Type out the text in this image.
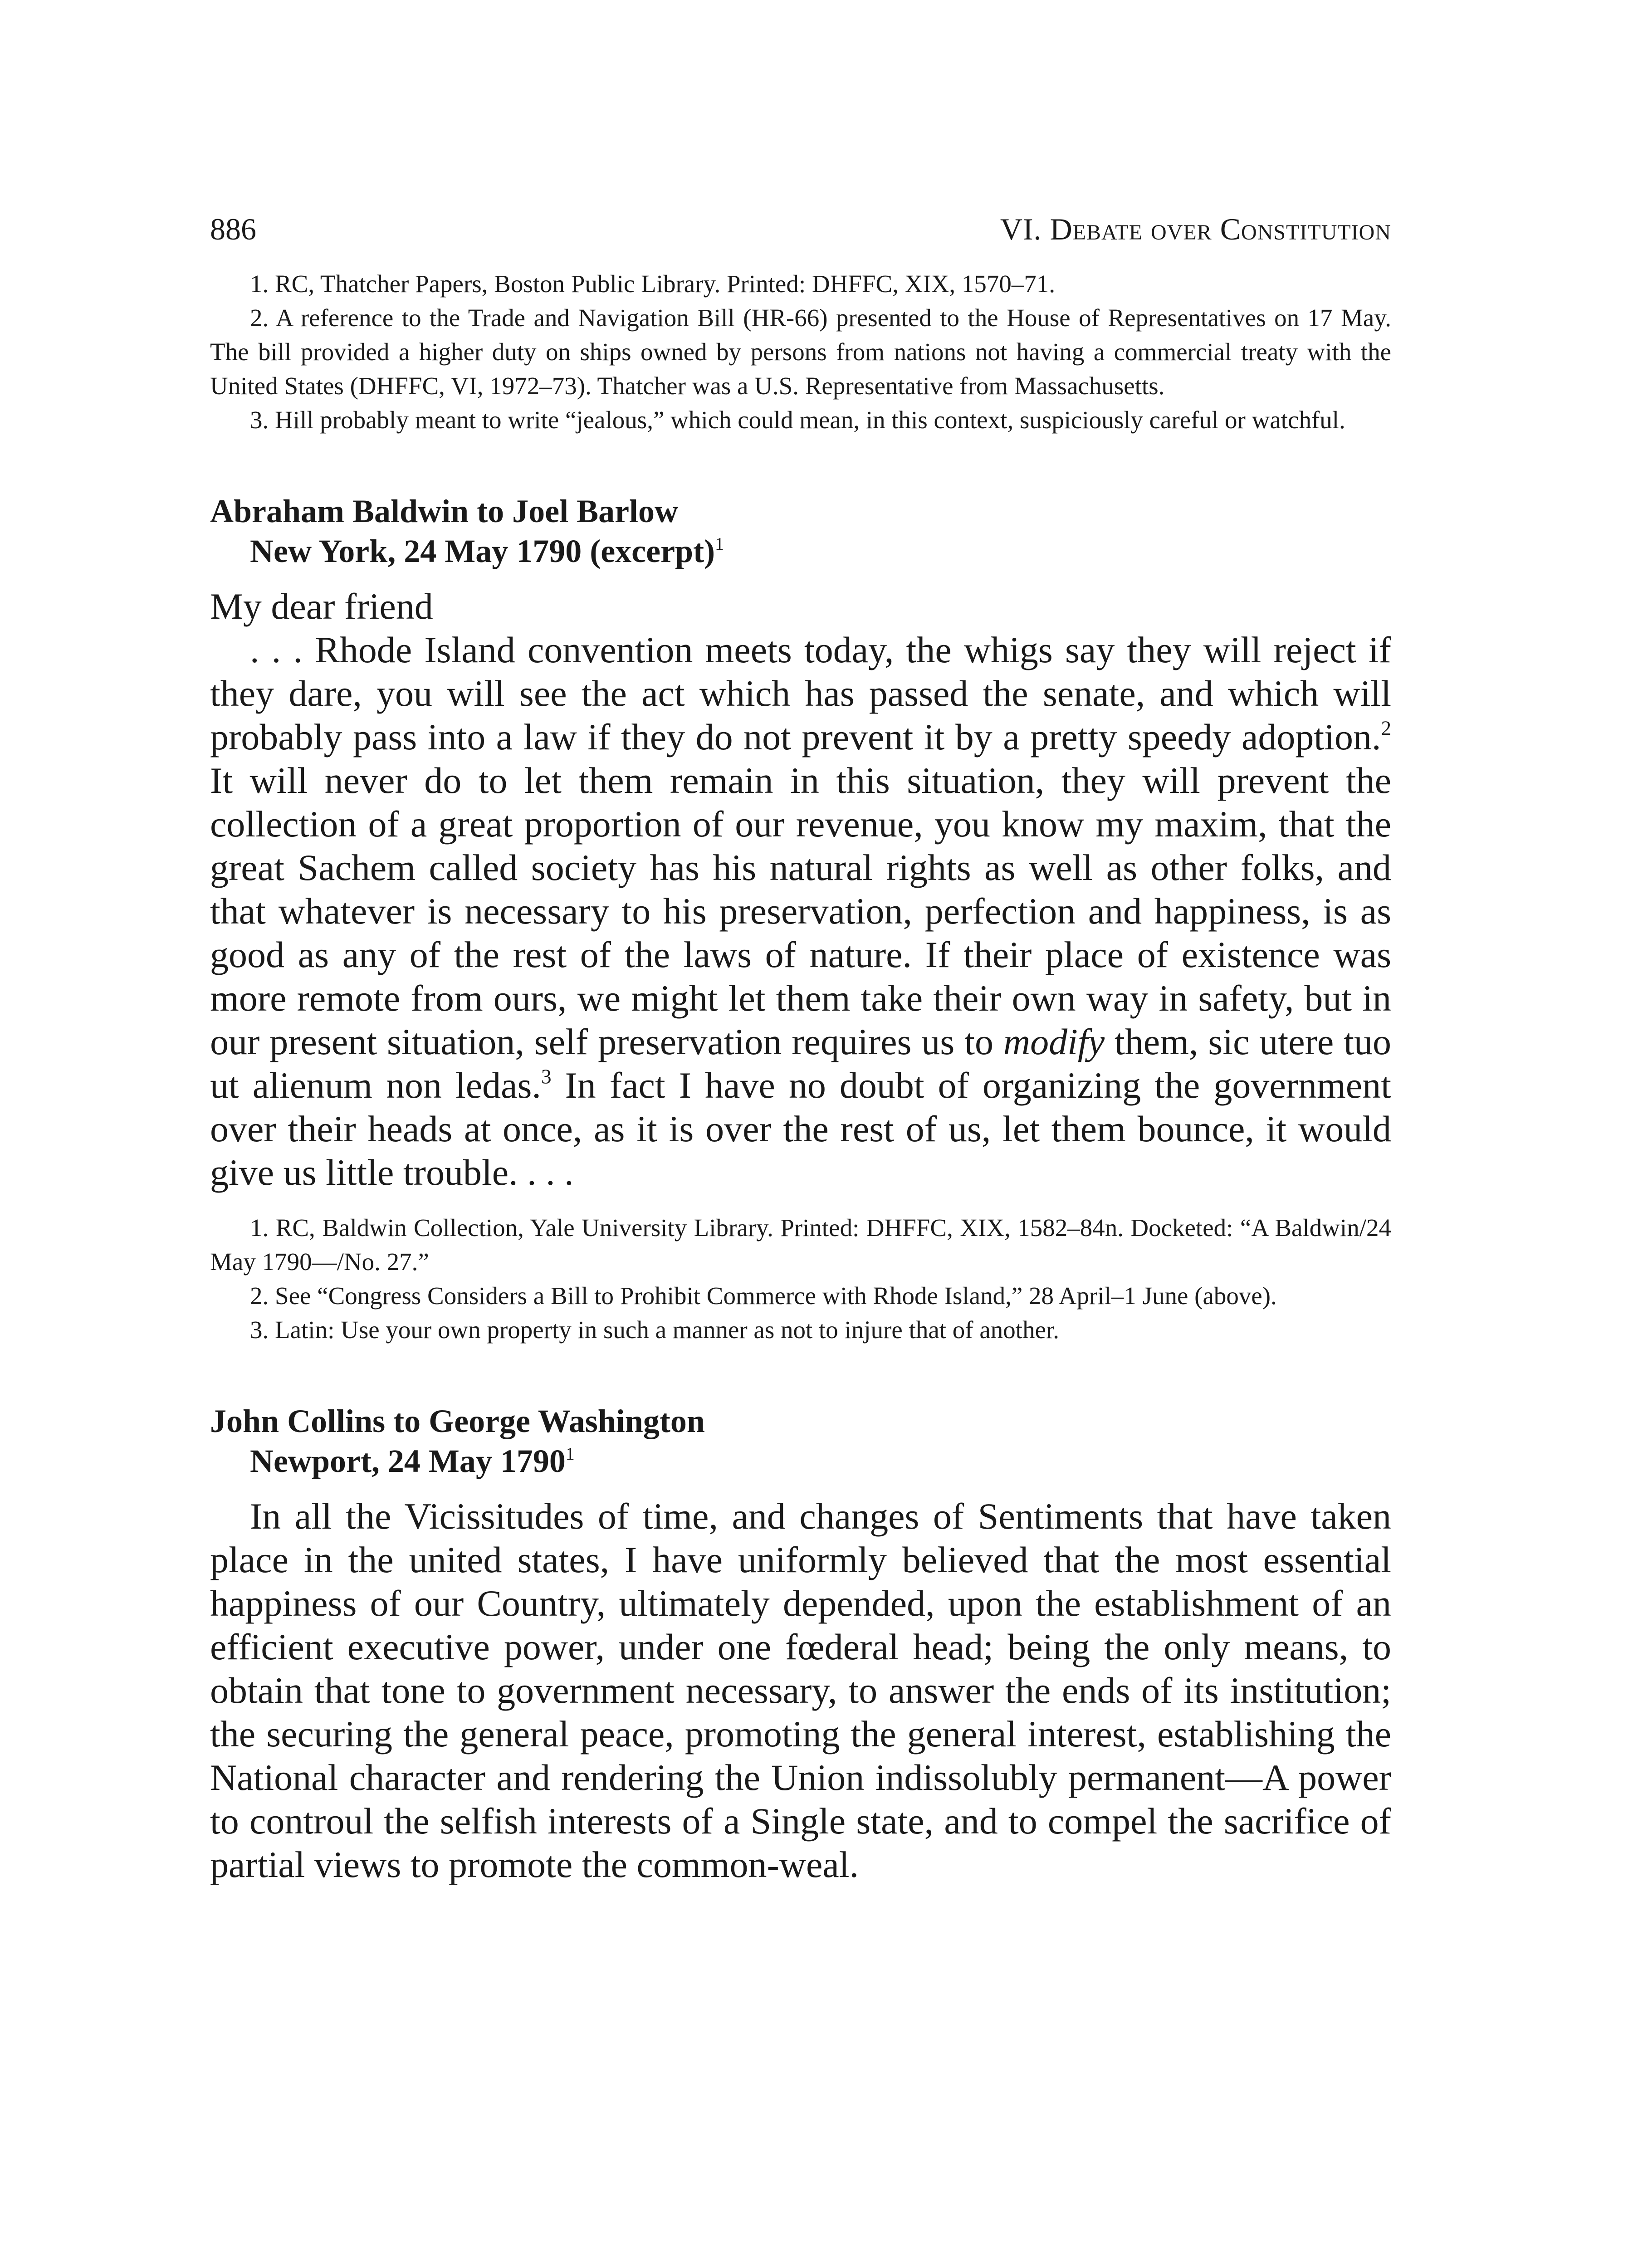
886	VI. Debate over Constitution

1. RC, Thatcher Papers, Boston Public Library. Printed: DHFFC, XIX, 1570–71.

2. A reference to the Trade and Navigation Bill (HR-66) presented to the House of Representatives on 17 May. The bill provided a higher duty on ships owned by persons from nations not having a commercial treaty with the United States (DHFFC, VI, 1972–73). Thatcher was a U.S. Representative from Massachusetts.

3. Hill probably meant to write “jealous,” which could mean, in this context, suspiciously careful or watchful.

Abraham Baldwin to Joel Barlow

New York, 24 May 1790 (excerpt)$^1$

My dear friend

. . . Rhode Island convention meets today, the whigs say they will reject if they dare, you will see the act which has passed the senate, and which will probably pass into a law if they do not prevent it by a pretty speedy adoption.$^2$ It will never do to let them remain in this situation, they will prevent the collection of a great proportion of our revenue, you know my maxim, that the great Sachem called society has his natural rights as well as other folks, and that whatever is necessary to his preservation, perfection and happiness, is as good as any of the rest of the laws of nature. If their place of existence was more remote from ours, we might let them take their own way in safety, but in our present situation, self preservation requires us to modify them, sic utere tuo ut alienum non ledas.$^3$ In fact I have no doubt of organizing the government over their heads at once, as it is over the rest of us, let them bounce, it would give us little trouble. . . .

1. RC, Baldwin Collection, Yale University Library. Printed: DHFFC, XIX, 1582–84n. Docketed: “A Baldwin/24 May 1790—/No. 27.”

2. See “Congress Considers a Bill to Prohibit Commerce with Rhode Island,” 28 April–1 June (above).

3. Latin: Use your own property in such a manner as not to injure that of another.

John Collins to George Washington

Newport, 24 May 1790$^1$

In all the Vicissitudes of time, and changes of Sentiments that have taken place in the united states, I have uniformly believed that the most essential happiness of our Country, ultimately depended, upon the establishment of an efficient executive power, under one fœderal head; being the only means, to obtain that tone to government necessary, to answer the ends of its institution; the securing the general peace, promoting the general interest, establishing the National character and rendering the Union indissolubly permanent—A power to controul the selfish interests of a Single state, and to compel the sacrifice of partial views to promote the common-weal.
